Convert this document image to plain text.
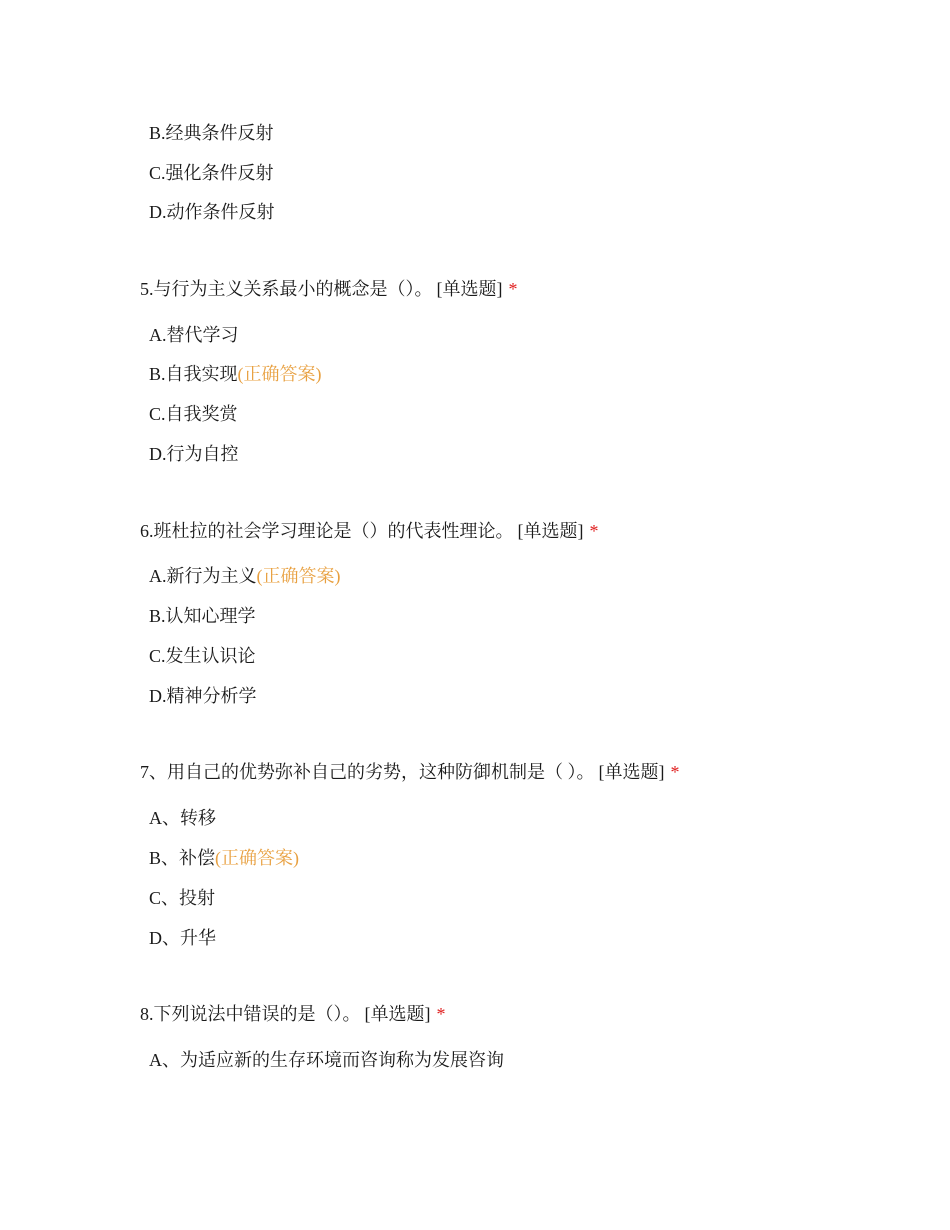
B.经典条件反射
C.强化条件反射
D.动作条件反射
5.与行为主义关系最小的概念是（）。 [单选题] *
A.替代学习
B.自我实现(正确答案)
C.自我奖赏
D.行为自控
6.班杜拉的社会学习理论是（）的代表性理论。 [单选题] *
A.新行为主义(正确答案)
B.认知心理学
C.发生认识论
D.精神分析学
7、用自己的优势弥补自己的劣势，这种防御机制是（ ）。 [单选题] *
A、转移
B、补偿(正确答案)
C、投射
D、升华
8.下列说法中错误的是（）。 [单选题] *
A、为适应新的生存环境而咨询称为发展咨询
